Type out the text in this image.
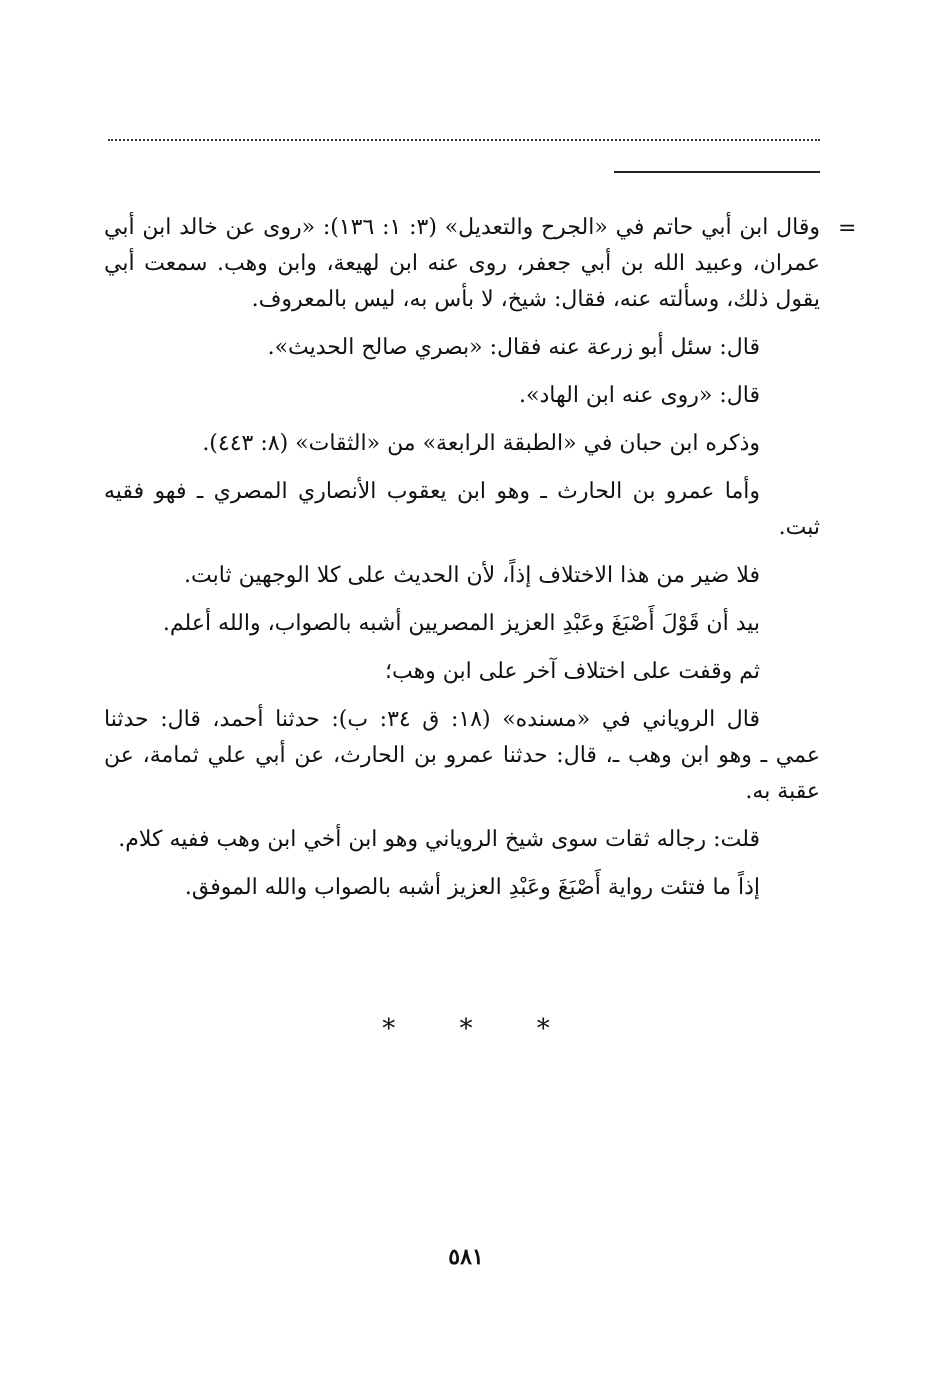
=

وقال ابن أبي حاتم في «الجرح والتعديل» (٣: ١: ١٣٦): «روى عن خالد ابن أبي عمران، وعبيد الله بن أبي جعفر، روى عنه ابن لهيعة، وابن وهب. سمعت أبي يقول ذلك، وسألته عنه، فقال: شيخ، لا بأس به، ليس بالمعروف.

قال: سئل أبو زرعة عنه فقال: «بصري صالح الحديث».

قال: «روى عنه ابن الهاد».

وذكره ابن حبان في «الطبقة الرابعة» من «الثقات» (٨: ٤٤٣).

وأما عمرو بن الحارث ـ وهو ابن يعقوب الأنصاري المصري ـ فهو فقيه ثبت.

فلا ضير من هذا الاختلاف إذاً، لأن الحديث على كلا الوجهين ثابت.

بيد أن قَوْلَ أَصْبَغَ وعَبْدِ العزيز المصريين أشبه بالصواب، والله أعلم.

ثم وقفت على اختلاف آخر على ابن وهب؛

قال الروياني في «مسنده» (١٨: ق ٣٤: ب): حدثنا أحمد، قال: حدثنا عمي ـ وهو ابن وهب ـ، قال: حدثنا عمرو بن الحارث، عن أبي علي ثمامة، عن عقبة به.

قلت: رجاله ثقات سوى شيخ الروياني وهو ابن أخي ابن وهب ففيه كلام.

إذاً ما فتئت رواية أَصْبَغَ وعَبْدِ العزيز أشبه بالصواب والله الموفق.

* * *
٥٨١
